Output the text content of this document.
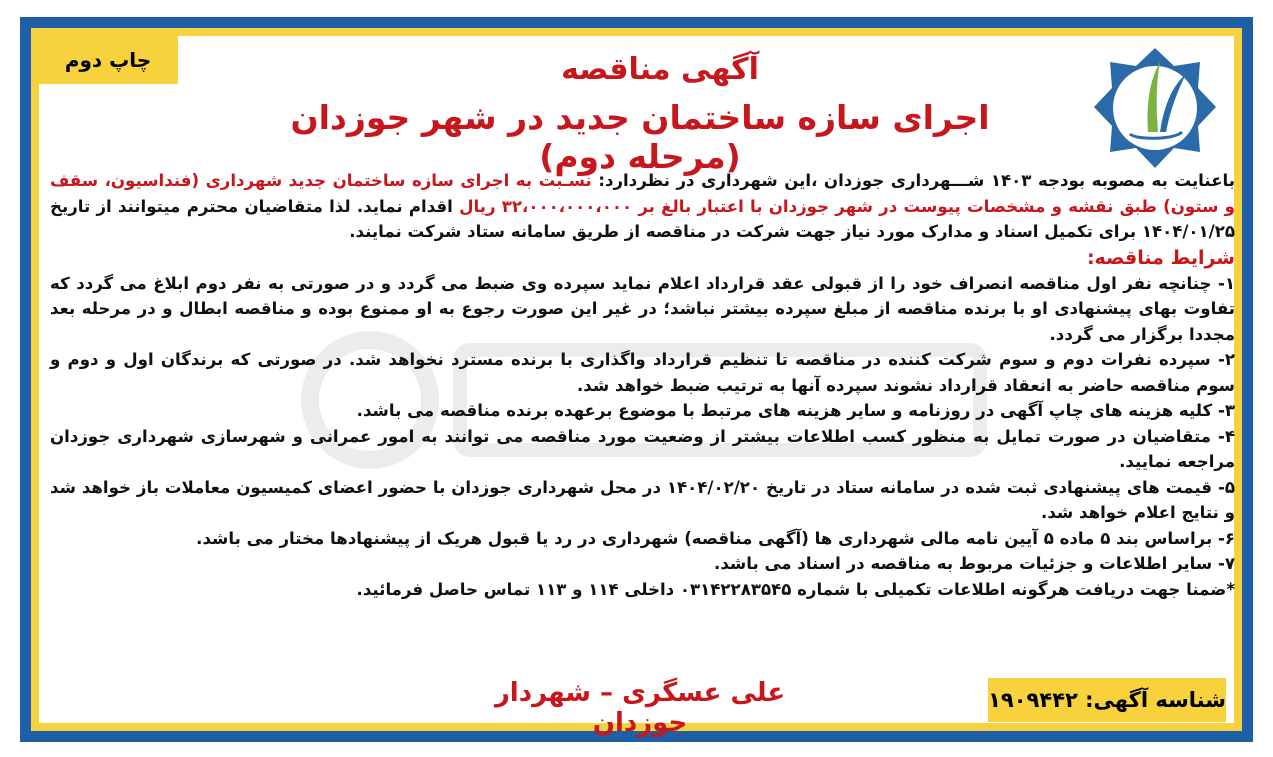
چاپ دوم	آگهی مناقصه
اجرای سازه ساختمان جدید در شهر جوزدان (مرحله دوم)

باعنایت به مصوبه بودجه ۱۴۰۳ شـــهرداری جوزدان ،این شهرداری در نظردارد: نسـبت به اجرای سازه ساختمان جدید شهرداری (فنداسیون، سقف و ستون) طبق نقشه و مشخصات پیوست در شهر جوزدان با اعتبار بالغ بر ۳۲،۰۰۰،۰۰۰،۰۰۰ ریال اقدام نماید. لذا متقاضیان محترم میتوانند از تاریخ ۱۴۰۴/۰۱/۲۵ برای تکمیل اسناد و مدارک مورد نیاز جهت شرکت در مناقصه از طریق سامانه ستاد شرکت نمایند.

شرایط مناقصه:

۱- چنانچه نفر اول مناقصه انصراف خود را از قبولی عقد قرارداد اعلام نماید سپرده وی ضبط می گردد و در صورتی به نفر دوم ابلاغ می گردد که تفاوت بهای پیشنهادی او با برنده مناقصه از مبلغ سپرده بیشتر نباشد؛ در غیر این صورت رجوع به او ممنوع بوده و مناقصه ابطال و در مرحله بعد مجددا برگزار می گردد.

۲- سپرده نفرات دوم و سوم شرکت کننده در مناقصه تا تنظیم قرارداد واگذاری با برنده مسترد نخواهد شد. در صورتی که برندگان اول و دوم و سوم مناقصه حاضر به انعقاد قرارداد نشوند سپرده آنها به ترتیب ضبط خواهد شد.

۳- کلیه هزینه های چاپ آگهی در روزنامه و سایر هزینه های مرتبط با موضوع برعهده برنده مناقصه می باشد.

۴- متقاضیان در صورت تمایل به منظور کسب اطلاعات بیشتر از وضعیت مورد مناقصه می توانند به امور عمرانی و شهرسازی شهرداری جوزدان مراجعه نمایید.

۵- قیمت های پیشنهادی ثبت شده در سامانه ستاد در تاریخ ۱۴۰۴/۰۲/۲۰ در محل شهرداری جوزدان با حضور اعضای کمیسیون معاملات باز خواهد شد و نتایج اعلام خواهد شد.

۶- براساس بند ۵ ماده ۵ آیین نامه مالی شهرداری ها (آگهی مناقصه) شهرداری در رد یا قبول هریک از پیشنهادها مختار می باشد.

۷- سایر اطلاعات و جزئیات مربوط به مناقصه در اسناد می باشد.

*ضمنا جهت دریافت هرگونه اطلاعات تکمیلی با شماره ۰۳۱۴۲۲۸۳۵۴۵ داخلی ۱۱۴ و ۱۱۳ تماس حاصل فرمائید.

علی عسگری – شهردار جوزدان
شناسه آگهی: ۱۹۰۹۴۴۲
